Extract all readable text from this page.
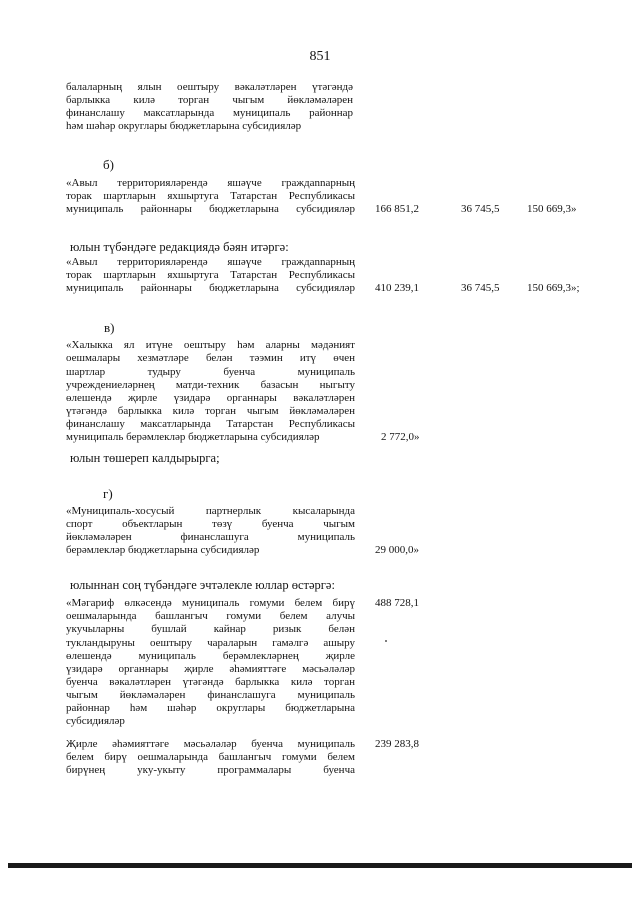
851
балаларның ялын оештыру вәкаләтләрен үтәгәндә
барлыкка килә торган чыгым йөкләмәләрен
финанслашу максатларында муниципаль районнар
һәм шәһәр округлары бюджетларына субсидияләр
б)
«Авыл территорияләрендә яшәүче граждannарның
торак шартларын яхшыртуга Татарстан Республикасы
муниципаль районнары бюджетларына субсидияләр 166 851,2	36 745,5	150 669,3»
юлын түбәндәге редакциядә бәян итәргә:
«Авыл территорияләрендә яшәүче граждannарның
торак шартларын яхшыртуга Татарстан Республикасы
муниципаль районнары бюджетларына субсидияләр 410 239,1	36 745,5	150 669,3»;
в)
«Халыкка ял итүне оештыру һәм аларны мәдәният
оешмалары хезмәтләре белән тәэмин итү өчен
шартлар тудыру буенча муниципаль
учреждениеләрнең матди-техник базасын ныгыту
өлешендә җирле үзидарә органнары вәкаләтләрен
үтәгәндә барлыкка килә торган чыгым йөкләмәләрен
финанслашу максатларында Татарстан Республикасы
муниципаль берәмлекләр бюджетларына субсидияләр	2 772,0»
юлын төшереп калдырырга;
г)
«Муниципаль-хосусый партнерлык кысаларында
спорт объектларын төзү буенча чыгым
йөкләмәләрен финанслашуга муниципаль
берәмлекләр бюджетларына субсидияләр	29 000,0»
юлыннан соң түбәндәге эчтәлекле юллар өстәргә:
«Мәгариф өлкәсендә муниципаль гомуми белем бирү
оешмаларында башлангыч гомуми белем алучы
укучыларны бушлай кайнар ризык белән
тукландыруны оештыру чараларын гамәлгә ашыру
өлешендә муниципаль берәмлекләрнең җирле
үзидарә органнары җирле әһәмияттәге мәсьәләләр
буенча вәкаләтләрен үтәгәндә барлыкка килә торган
чыгым йөкләмәләрен финанслашуга муниципаль
районнар һәм шәһәр округлары бюджетларына
субсидияләр
488 728,1
Җирле әһәмияттәге мәсьәләләр буенча муниципаль
белем бирү оешмаларында башлангыч гомуми белем
бирүнең уку-укыту программалары буенча
239 283,8
